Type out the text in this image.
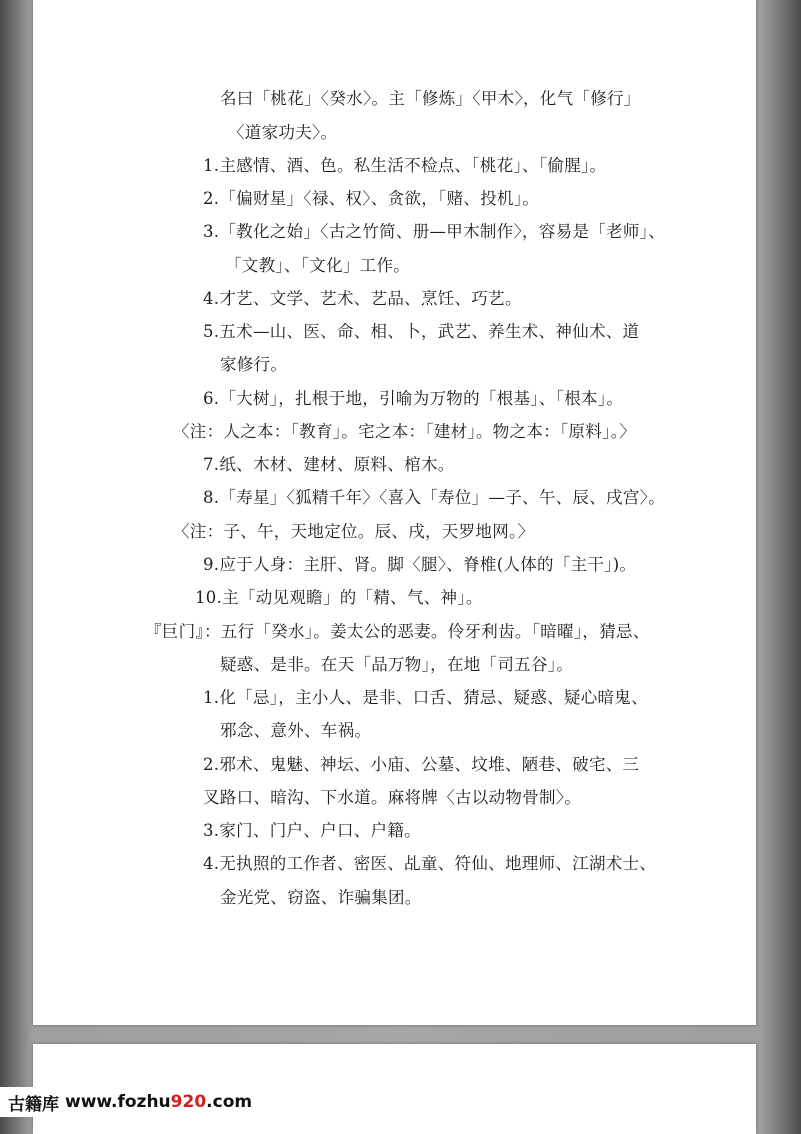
名曰「桃花」〈癸水〉。主「修炼」〈甲木〉，化气「修行」
〈道家功夫〉。
1.主感情、酒、色。私生活不检点、「桃花」、「偷腥」。
2.「偏财星」〈禄、权〉、贪欲，「赌、投机」。
3.「教化之始」〈古之竹简、册—甲木制作〉，容易是「老师」、
「文教」、「文化」工作。
4.才艺、文学、艺术、艺品、烹饪、巧艺。
5.五术—山、医、命、相、卜，武艺、养生术、神仙术、道
家修行。
6.「大树」，扎根于地，引喻为万物的「根基」、「根本」。
〈注：人之本：「教育」。宅之本：「建材」。物之本：「原料」。〉
7.纸、木材、建材、原料、棺木。
8.「寿星」〈狐精千年〉〈喜入「寿位」—子、午、辰、戌宫〉。
〈注：子、午，天地定位。辰、戌，天罗地网。〉
9.应于人身：主肝、肾。脚〈腿〉、脊椎(人体的「主干」)。
10.主「动见观瞻」的「精、气、神」。
『巨门』：五行「癸水」。姜太公的恶妻。伶牙利齿。「暗曜」，猜忌、
疑惑、是非。在天「品万物」，在地「司五谷」。
1.化「忌」，主小人、是非、口舌、猜忌、疑惑、疑心暗鬼、
邪念、意外、车祸。
2.邪术、鬼魅、神坛、小庙、公墓、坟堆、陋巷、破宅、三
叉路口、暗沟、下水道。麻将牌〈古以动物骨制〉。
3.家门、门户、户口、户籍。
4.无执照的工作者、密医、乩童、符仙、地理师、江湖术士、
金光党、窃盗、诈骗集团。
古籍库 www.fozhu920.com
